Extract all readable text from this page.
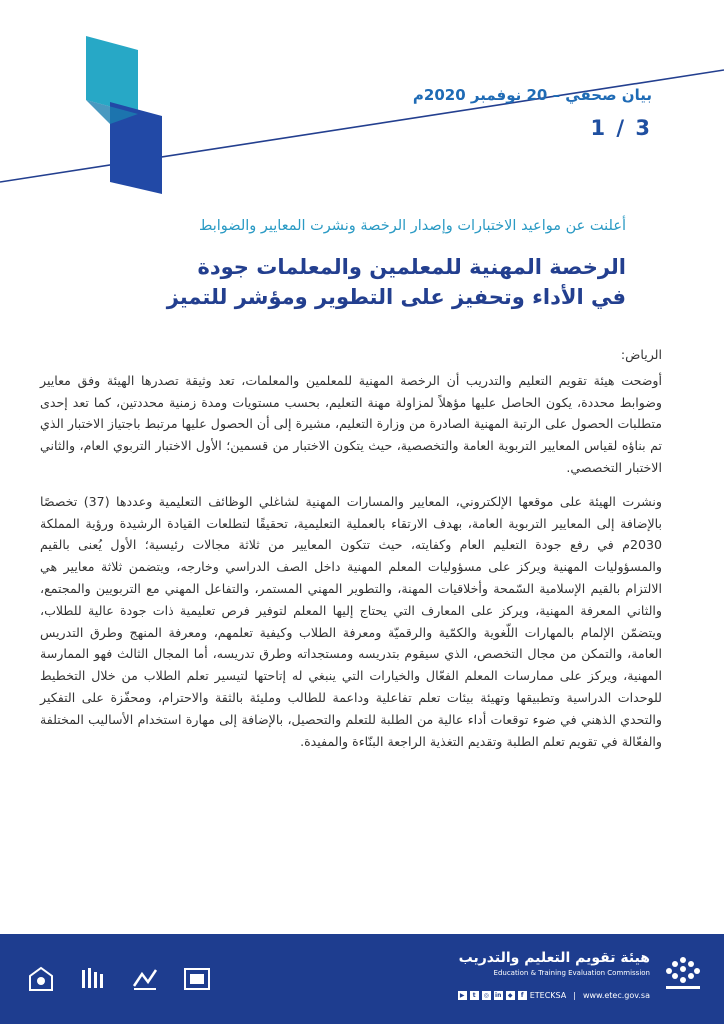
بيان صحفي – 20 نوفمبر 2020م
3 / 1
أعلنت عن مواعيد الاختبارات وإصدار الرخصة ونشرت المعايير والضوابط
الرخصة المهنية للمعلمين والمعلمات جودة
في الأداء وتحفيز على التطوير ومؤشر للتميز

الرياض:

أوضحت هيئة تقويم التعليم والتدريب أن الرخصة المهنية للمعلمين والمعلمات، تعد وثيقة تصدرها الهيئة وفق معايير وضوابط محددة، يكون الحاصل عليها مؤهلاً لمزاولة مهنة التعليم، بحسب مستويات ومدة زمنية محددتين، كما تعد إحدى متطلبات الحصول على الرتبة المهنية الصادرة من وزارة التعليم، مشيرة إلى أن الحصول عليها مرتبط باجتياز الاختبار الذي تم بناؤه لقياس المعايير التربوية العامة والتخصصية، حيث يتكون الاختبار من قسمين؛ الأول الاختبار التربوي العام، والثاني الاختبار التخصصي.

ونشرت الهيئة على موقعها الإلكتروني، المعايير والمسارات المهنية لشاغلي الوظائف التعليمية وعددها (37) تخصصًا بالإضافة إلى المعايير التربوية العامة، بهدف الارتقاء بالعملية التعليمية، تحقيقًا لتطلعات القيادة الرشيدة ورؤية المملكة 2030م في رفع جودة التعليم العام وكفايته، حيث تتكون المعايير من ثلاثة مجالات رئيسية؛ الأول يُعنى بالقيم والمسؤوليات المهنية ويركز على مسؤوليات المعلم المهنية داخل الصف الدراسي وخارجه، ويتضمن ثلاثة معايير هي الالتزام بالقيم الإسلامية السّمحة وأخلاقيات المهنة، والتطوير المهني المستمر، والتفاعل المهني مع التربويين والمجتمع، والثاني المعرفة المهنية، ويركز على المعارف التي يحتاج إليها المعلم لتوفير فرص تعليمية ذات جودة عالية للطلاب، ويتضمّن الإلمام بالمهارات اللّغوية والكمّية والرقميّة ومعرفة الطلاب وكيفية تعلمهم، ومعرفة المنهج وطرق التدريس العامة، والتمكن من مجال التخصص، الذي سيقوم بتدريسه ومستجداته وطرق تدريسه، أما المجال الثالث فهو الممارسة المهنية، ويركز على ممارسات المعلم الفعّال والخيارات التي ينبغي له إتاحتها لتيسير تعلم الطلاب من خلال التخطيط للوحدات الدراسية وتطبيقها وتهيئة بيئات تعلم تفاعلية وداعمة للطالب ومليئة بالثقة والاحترام، ومحفّزة على التفكير والتحدي الذهني في ضوء توقعات أداء عالية من الطلبة للتعلم والتحصيل، بالإضافة إلى مهارة استخدام الأساليب المختلفة والفعّالة في تقويم تعلم الطلبة وتقديم التغذية الراجعة البنّاءة والمفيدة.

هيئة تقويم التعليم والتدريب
Education & Training Evaluation Commission
▶	t	◎	in	◆	f ETECKSA | www.etec.gov.sa
